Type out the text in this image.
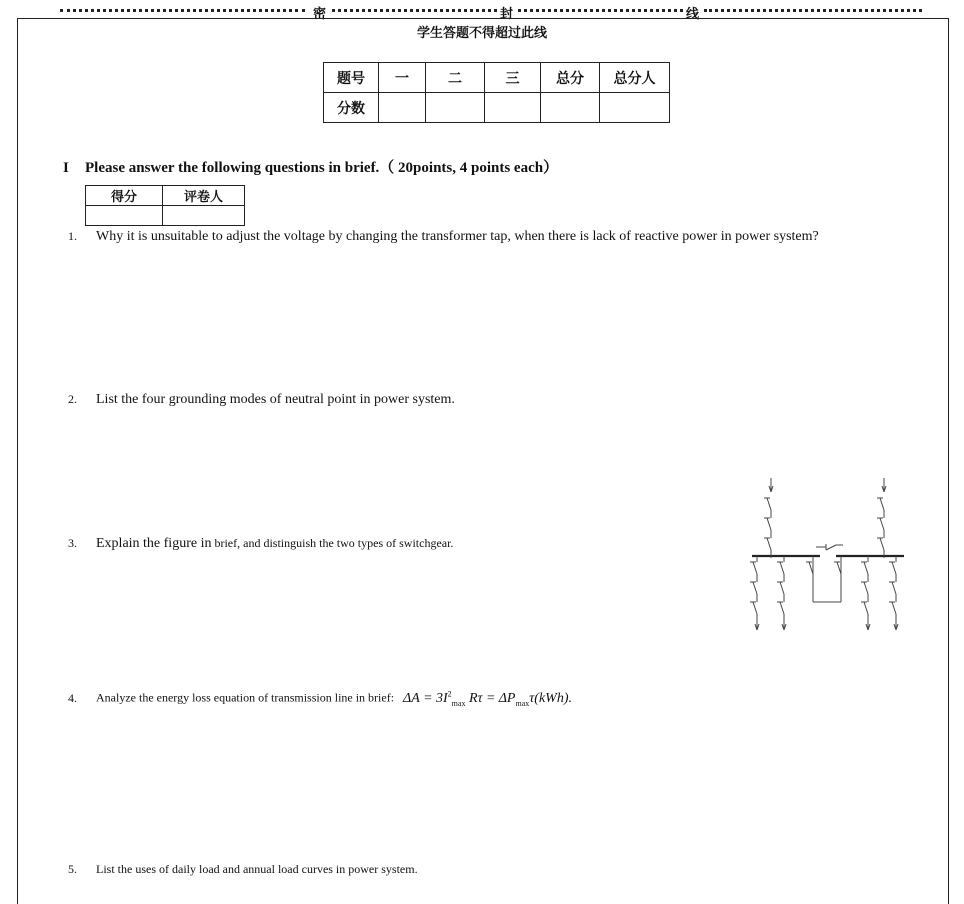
密	封	线
学生答题不得超过此线
题号	一	二	三	总分	总分人
分数					
I Please answer the following questions in brief.（ 20points, 4 points each）
得分	评卷人

1. Why it is unsuitable to adjust the voltage by changing the transformer tap, when there is lack of reactive power in power system?
2. List the four grounding modes of neutral point in power system.
3. Explain the figure in brief, and distinguish the two types of switchgear.
4. Analyze the energy loss equation of transmission line in brief: $\Delta A = 3I^2_{max}$ $R\tau = \Delta P_{max}\tau(kWh)$.
5. List the uses of daily load and annual load curves in power system.
